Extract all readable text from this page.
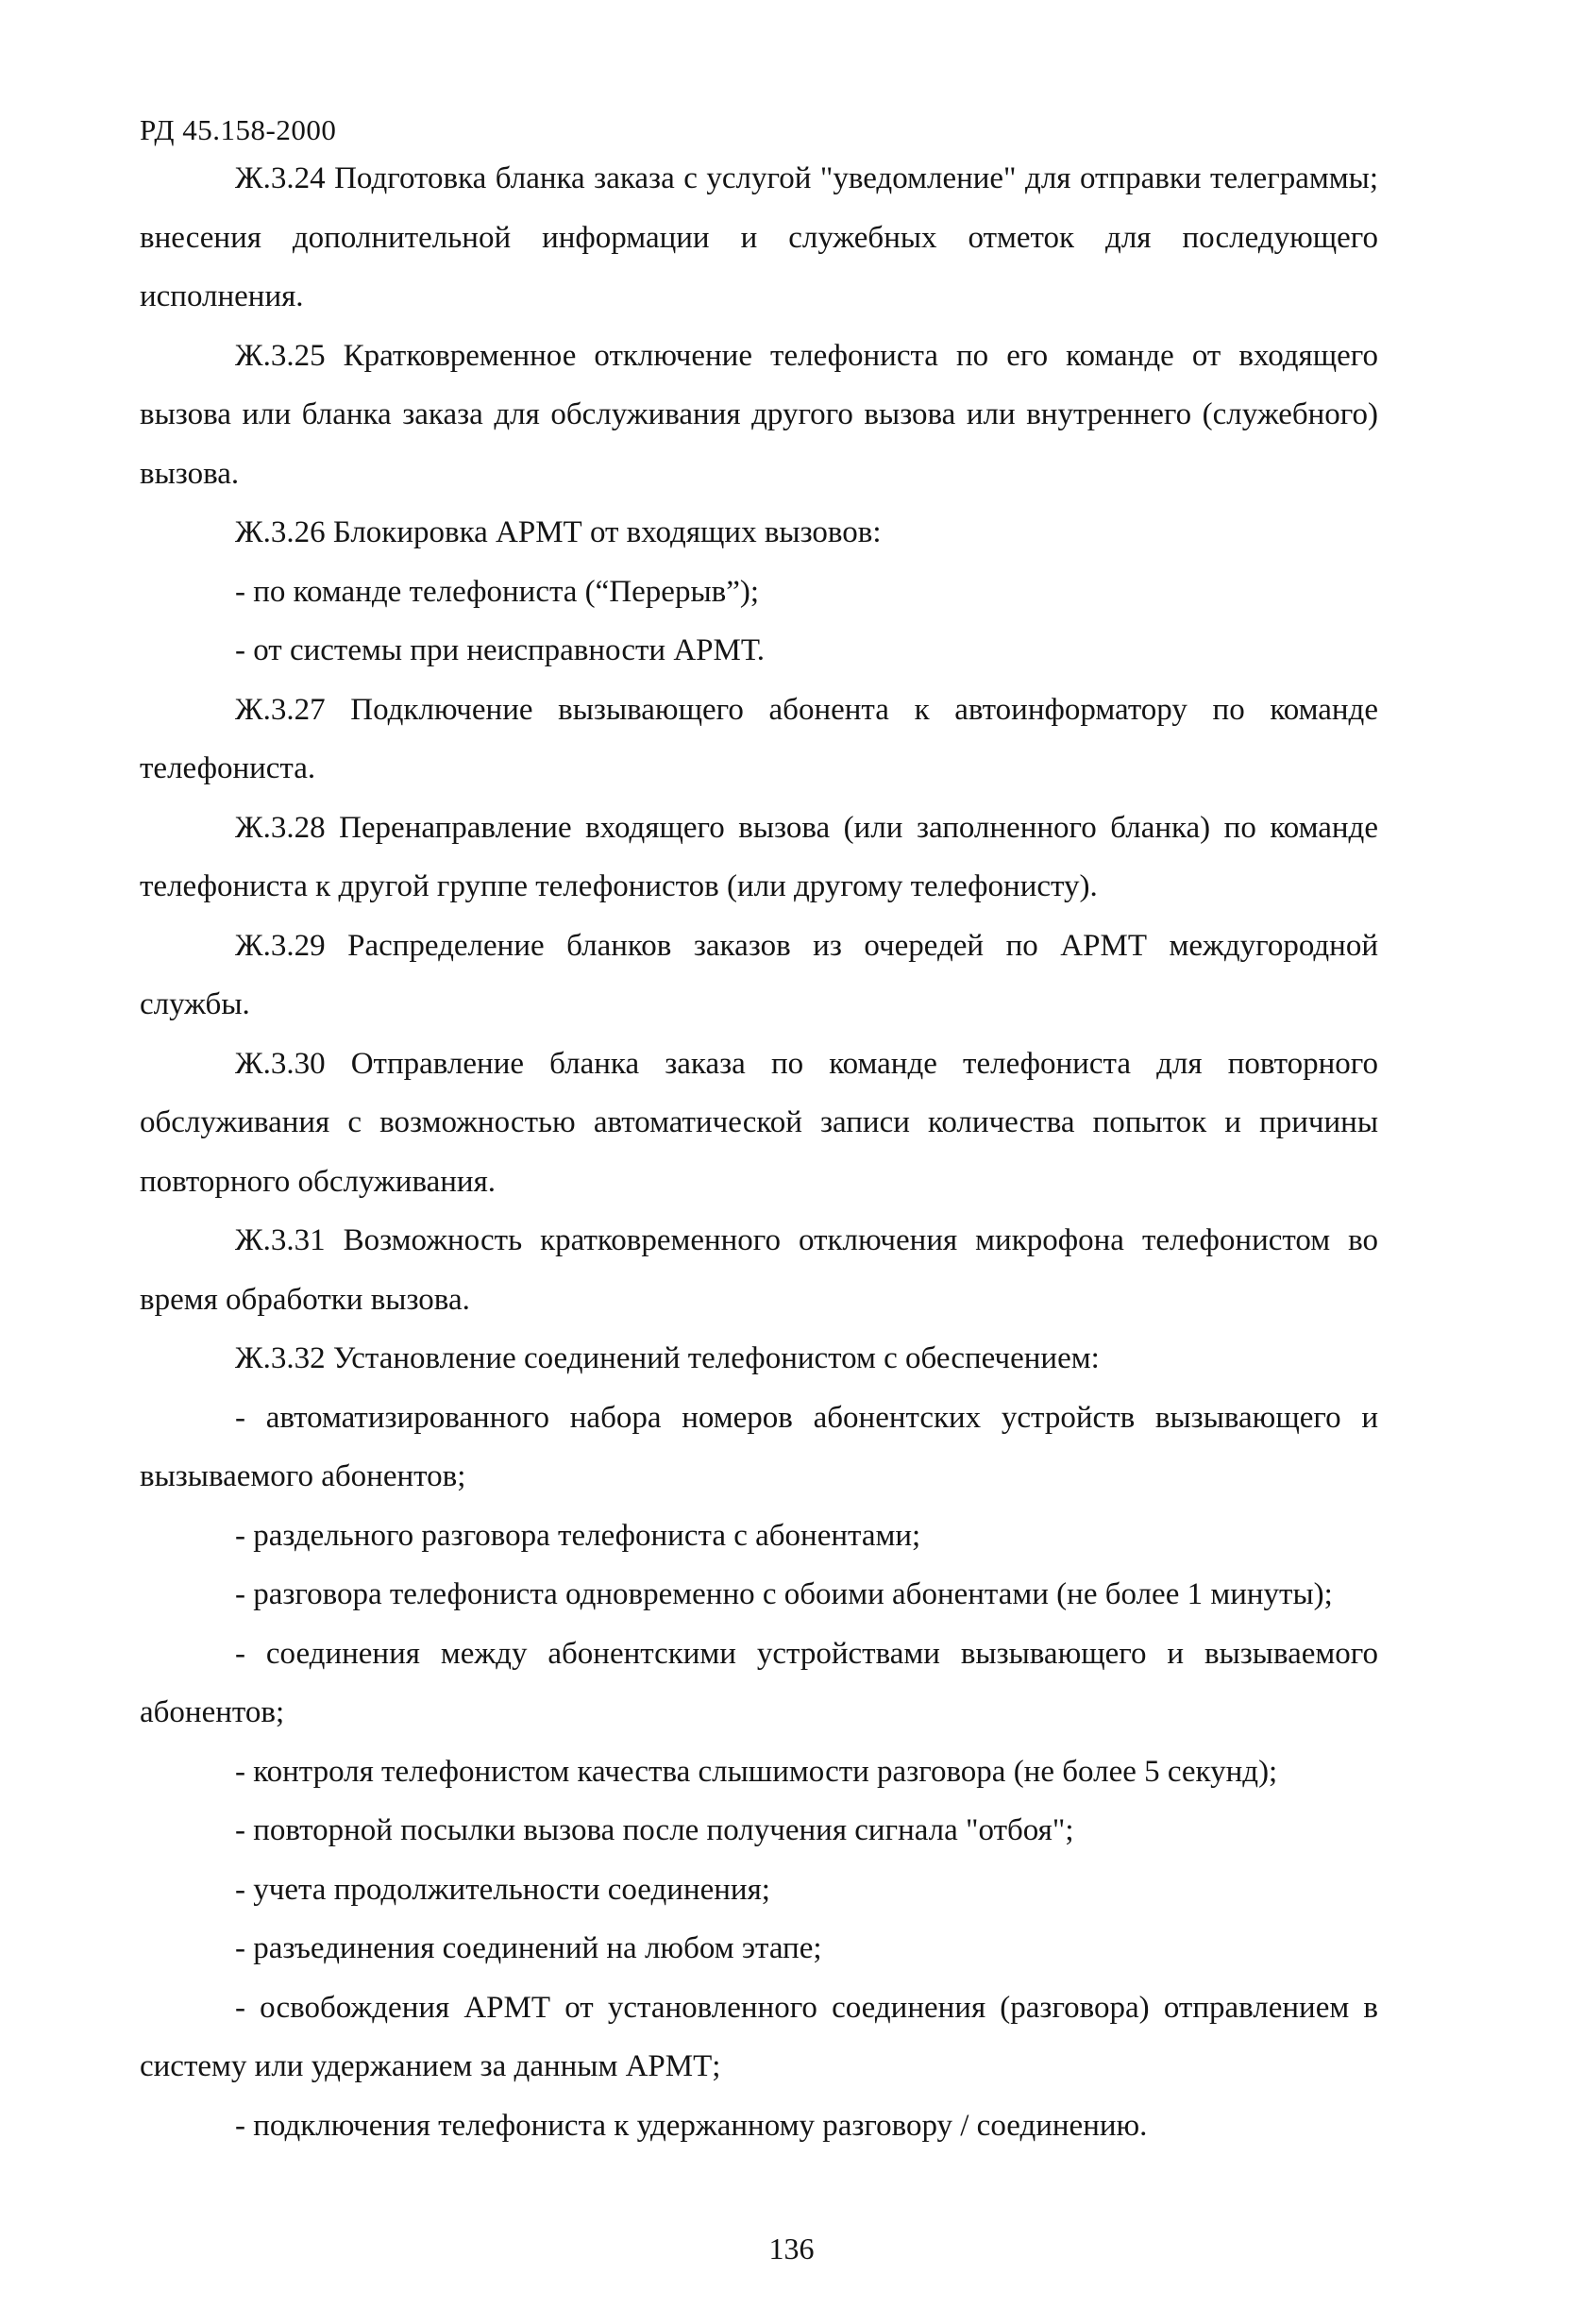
РД 45.158-2000

Ж.3.24 Подготовка бланка заказа с услугой "уведомление" для отправки телеграммы; внесения дополнительной информации и служебных отметок для последующего исполнения.

Ж.3.25 Кратковременное отключение телефониста по его команде от входящего вызова или бланка заказа для обслуживания другого вызова или внутреннего (служебного) вызова.

Ж.3.26 Блокировка АРМТ от входящих вызовов:

- по команде телефониста (“Перерыв”);

- от системы при неисправности АРМТ.

Ж.3.27 Подключение вызывающего абонента к автоинформатору по команде телефониста.

Ж.3.28 Перенаправление входящего вызова (или заполненного бланка) по команде телефониста к другой группе телефонистов (или другому телефонисту).

Ж.3.29 Распределение бланков заказов из очередей по АРМТ междугородной службы.

Ж.3.30 Отправление бланка заказа по команде телефониста для повторного обслуживания с возможностью автоматической записи количества попыток и причины повторного обслуживания.

Ж.3.31 Возможность кратковременного отключения микрофона телефонистом во время обработки вызова.

Ж.3.32 Установление соединений телефонистом с обеспечением:

- автоматизированного набора номеров абонентских устройств вызывающего и вызываемого абонентов;

- раздельного разговора телефониста с абонентами;

- разговора телефониста одновременно с обоими абонентами (не более 1 минуты);

- соединения между абонентскими устройствами вызывающего и вызываемого абонентов;

- контроля телефонистом качества слышимости разговора (не более 5 секунд);

- повторной посылки вызова после получения сигнала "отбоя";

- учета продолжительности соединения;

- разъединения соединений на любом этапе;

- освобождения АРМТ от установленного соединения (разговора) отправлением в систему или удержанием за данным АРМТ;

- подключения телефониста к удержанному разговору / соединению.

136
